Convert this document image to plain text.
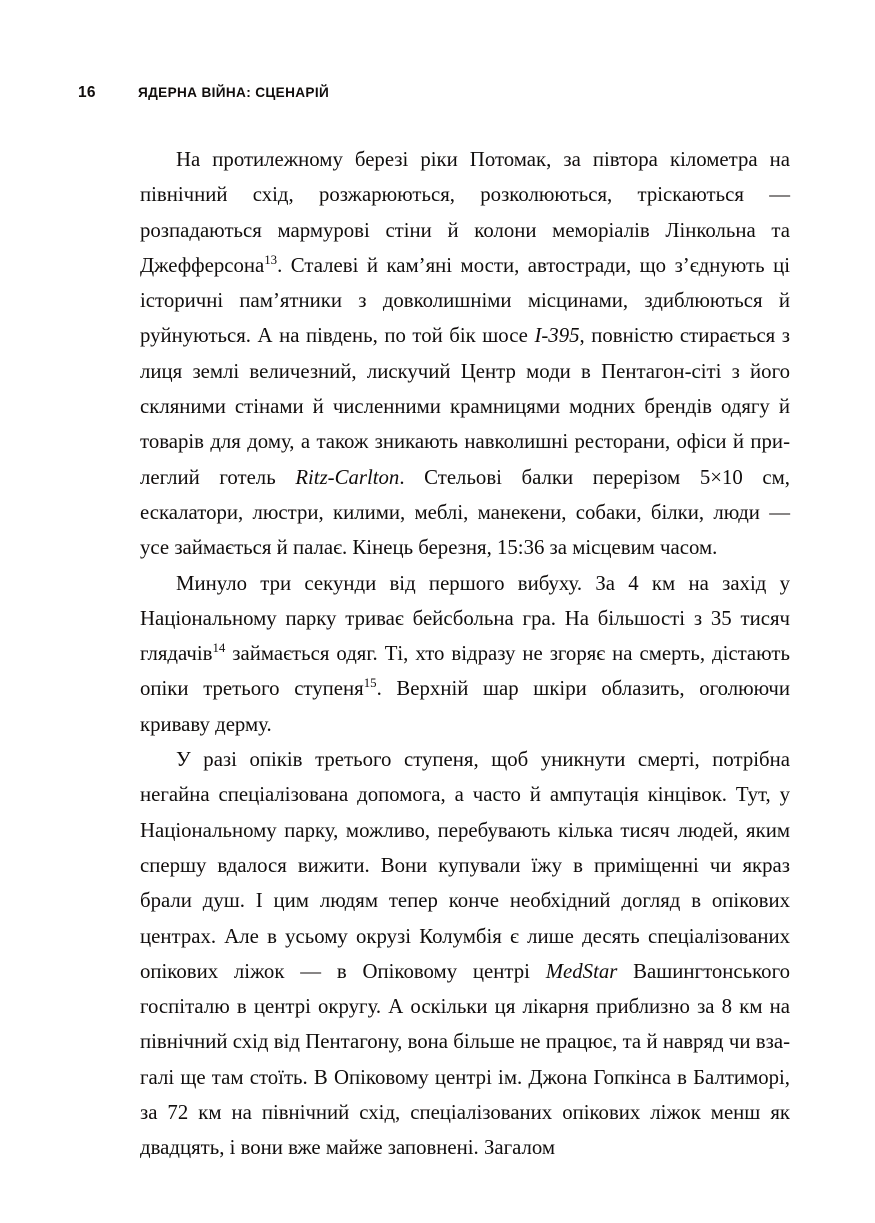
16	ЯДЕРНА ВІЙНА: СЦЕНАРІЙ

На протилежному березі ріки Потомак, за півтора кілометра на північний схід, розжарюються, розколюються, тріскаються — розпадаються мармурові стіни й колони меморіалів Лінкольна та Джефферсона$^{13}$. Сталеві й кам’яні мости, автостради, що з’єднують ці історичні пам’ятники з довколишніми місцинами, здиблюються й руйнуються. А на південь, по той бік шосе I-395, повністю стирається з лиця землі величезний, лискучий Центр моди в Пентагон-сіті з його скляними стінами й численними крамницями модних брендів одягу й товарів для дому, а також зникають навколишні ресторани, офіси й прилеглий готель Ritz-Carlton. Стельові балки перерізом 5×10 см, ескалатори, люстри, килими, меблі, манекени, собаки, білки, люди — усе займається й палає. Кінець березня, 15:36 за місцевим часом.

Минуло три секунди від першого вибуху. За 4 км на захід у Національному парку триває бейсбольна гра. На більшості з 35 тисяч глядачів$^{14}$ займається одяг. Ті, хто відразу не згоряє на смерть, дістають опіки третього ступеня$^{15}$. Верхній шар шкіри облазить, оголюючи криваву дерму.

У разі опіків третього ступеня, щоб уникнути смерті, потрібна негайна спеціалізована допомога, а часто й ампутація кінцівок. Тут, у Національному парку, можливо, перебувають кілька тисяч людей, яким спершу вдалося вижити. Вони купували їжу в приміщенні чи якраз брали душ. І цим людям тепер конче необхідний догляд в опікових центрах. Але в усьому окрузі Колумбія є лише десять спеціалізованих опікових ліжок — в Опіковому центрі MedStar Вашингтонського госпіталю в центрі округу. А оскільки ця лікарня приблизно за 8 км на північний схід від Пентагону, вона більше не працює, та й навряд чи взагалі ще там стоїть. В Опіковому центрі ім. Джона Гопкінса в Балтиморі, за 72 км на північний схід, спеціалізованих опікових ліжок менш як двадцять, і вони вже майже заповнені. Загалом
